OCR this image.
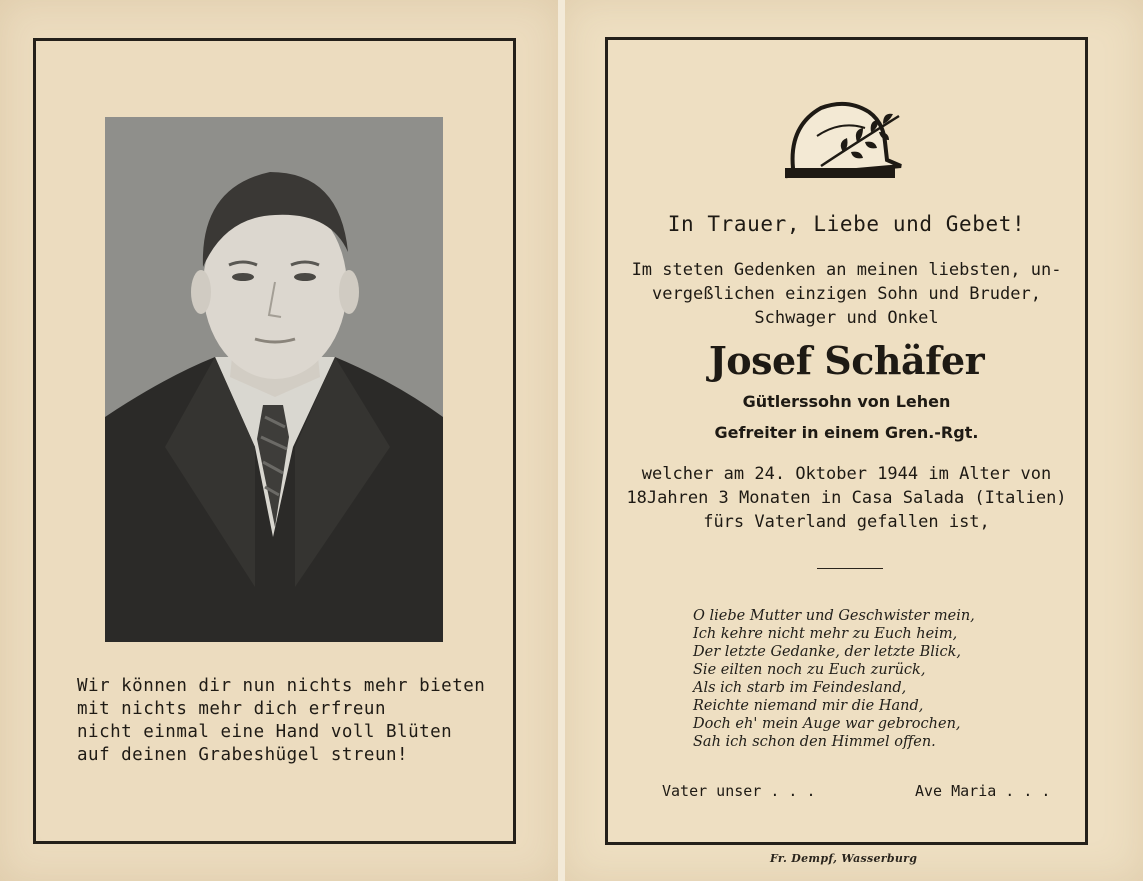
Wir können dir nun nichts mehr bieten
mit nichts mehr dich erfreun
nicht einmal eine Hand voll Blüten
auf deinen Grabeshügel streun!
In Trauer, Liebe und Gebet!
Im steten Gedenken an meinen liebsten, un-
vergeßlichen einzigen Sohn und Bruder,
Schwager und Onkel
Josef Schäfer
Gütlerssohn von Lehen
Gefreiter in einem Gren.-Rgt.
welcher am 24. Oktober 1944 im Alter von
18Jahren 3 Monaten in Casa Salada (Italien)
fürs Vaterland gefallen ist,
O liebe Mutter und Geschwister mein,
Ich kehre nicht mehr zu Euch heim,
Der letzte Gedanke, der letzte Blick,
Sie eilten noch zu Euch zurück,
Als ich starb im Feindesland,
Reichte niemand mir die Hand,
Doch eh' mein Auge war gebrochen,
Sah ich schon den Himmel offen.
Vater unser . . .	Ave Maria . . .
Fr. Dempf, Wasserburg
